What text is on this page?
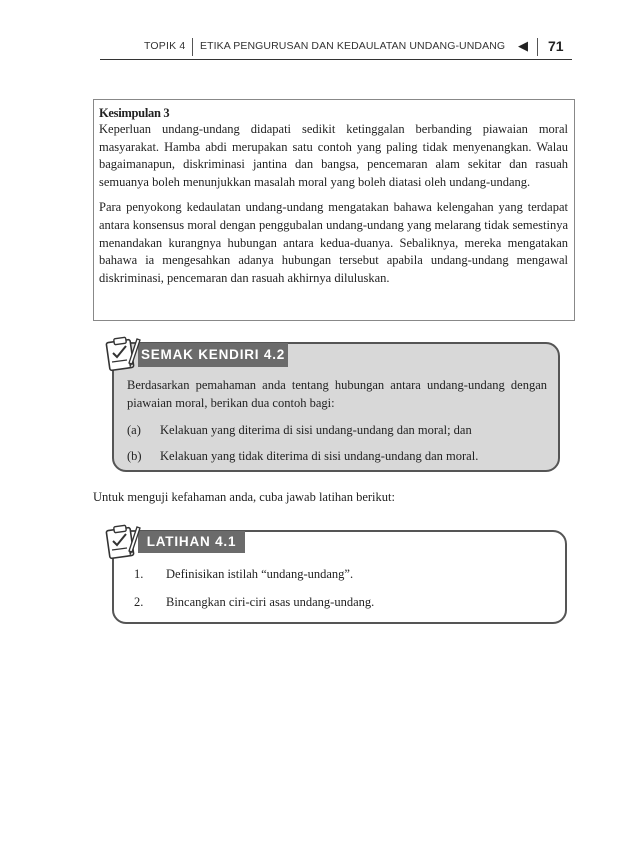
TOPIK 4 ETIKA PENGURUSAN DAN KEDAULATAN UNDANG-UNDANG ◀ 71
Kesimpulan 3

Keperluan undang-undang didapati sedikit ketinggalan berbanding piawaian moral masyarakat. Hamba abdi merupakan satu contoh yang paling tidak menyenangkan. Walau bagaimanapun, diskriminasi jantina dan bangsa, pencemaran alam sekitar dan rasuah semuanya boleh menunjukkan masalah moral yang boleh diatasi oleh undang-undang.

Para penyokong kedaulatan undang-undang mengatakan bahawa kelengahan yang terdapat antara konsensus moral dengan penggubalan undang-undang yang melarang tidak semestinya menandakan kurangnya hubungan antara kedua-duanya. Sebaliknya, mereka mengatakan bahawa ia mengesahkan adanya hubungan tersebut apabila undang-undang mengawal diskriminasi, pencemaran dan rasuah akhirnya diluluskan.

SEMAK KENDIRI 4.2

Berdasarkan pemahaman anda tentang hubungan antara undang-undang dengan piawaian moral, berikan dua contoh bagi:

(a) Kelakuan yang diterima di sisi undang-undang dan moral; dan
(b) Kelakuan yang tidak diterima di sisi undang-undang dan moral.
Untuk menguji kefahaman anda, cuba jawab latihan berikut:
LATIHAN 4.1
1. Definisikan istilah “undang-undang”.
2. Bincangkan ciri-ciri asas undang-undang.
